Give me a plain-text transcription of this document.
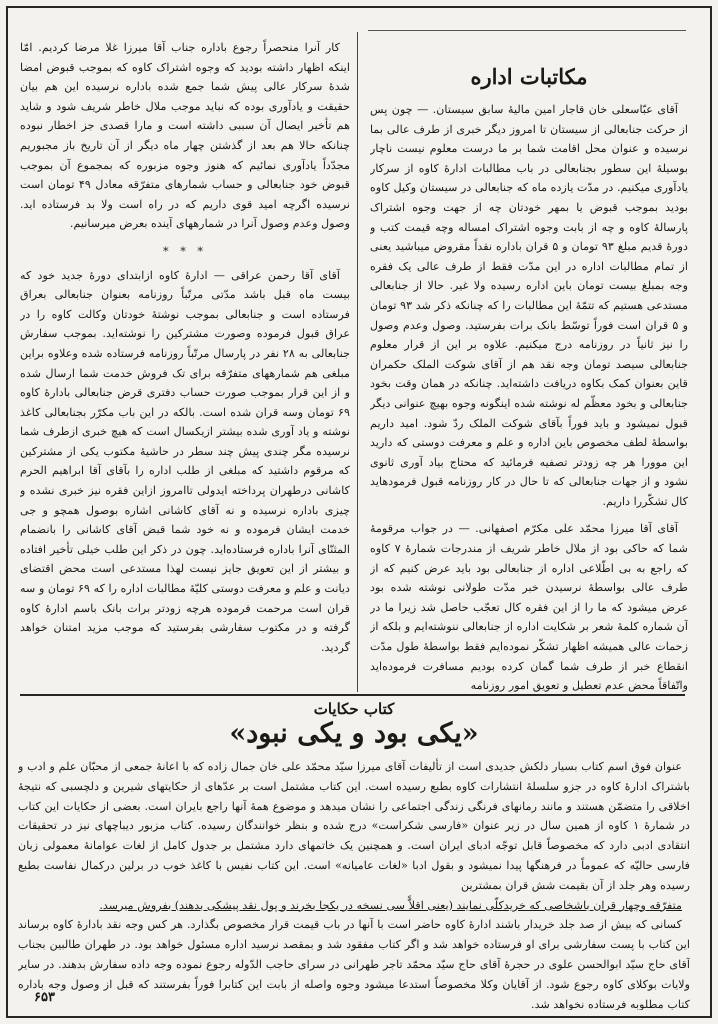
مکاتبات اداره

آقای عبّاسعلی خان قاجار امین مالیهٔ سابق سیستان. — چون پس از حرکت جنابعالی از سیستان تا امروز دیگر خبری از طرف عالی بما نرسیده و عنوان محل اقامت شما بر ما درست معلوم نیست ناچار بوسیلهٔ این سطور بجنابعالی در باب مطالبات ادارهٔ کاوه از سرکار یادآوری میکنیم. در مدّت یازده ماه که جنابعالی در سیستان وکیل کاوه بودید بموجب قبوض یا بمهر خودتان چه از جهت وجوه اشتراک پارسالهٔ کاوه و چه از بابت وجوه اشتراک امساله وچه قیمت کتب و دورهٔ قدیم مبلغ ۹۳ تومان و ۵ قران باداره نقداً مقروض میباشید یعنی از تمام مطالبات اداره در این مدّت فقط از طرف عالی یک فقره وجه بمبلغ بیست تومان باین اداره رسیده ولا غیر. حالا از جنابعالی مستدعی هستیم که تتمّهٔ این مطالبات را که چنانکه ذکر شد ۹۳ تومان و ۵ قران است فوراً توسّط بانک برات بفرستید. وصول وعدم وصول را نیز ثانیاً در روزنامه درج میکنیم. علاوه بر این از قرار معلوم جنابعالی سیصد تومان وجه نقد هم از آقای شوکت الملک حکمران قاین بعنوان کمک بکاوه دریافت داشته‌اید. چنانکه در همان وقت بخود جنابعالی و بخود معظّم له نوشته شده اینگونه وجوه بهیچ عنوانی دیگر قبول نمیشود و باید فوراً بآقای شوکت الملک ردّ شود. امید داریم بواسطهٔ لطف مخصوص باین اداره و علم و معرفت دوستی که دارید این موورا هر چه زودتر تصفیه فرمائید که محتاج بیاد آوری ثانوی نشود و از جهات جنابعالی که تا حال در کار روزنامه قبول فرمودهاید کال تشکّررا داریم.

آقای آقا میرزا محمّد علی مکرّم اصفهانی. — در جواب مرقومهٔ شما که حاکی بود از ملال خاطر شریف از مندرجات شمارهٔ ۷ کاوه که راجع به بی اطّلاعی اداره از جنابعالی بود باید عرض کنیم که از طرف عالی بواسطهٔ نرسیدن خبر مدّت طولانی نوشته شده بود عرض میشود که ما را از این فقره کال تعجّب حاصل شد زیرا ما در آن شماره کلمهٔ شعر بر شکایت اداره از جنابعالی ننوشته‌ایم و بلکه از زحمات عالی همیشه اظهار تشکّر نموده‌ایم فقط بواسطهٔ طول مدّت انقطاع خبر از طرف شما گمان کرده بودیم مسافرت فرموده‌اید واتّفاقاً محض عدم تعطیل و تعویق امور روزنامه

کار آنرا منحصراً رجوع باداره جناب آقا میرزا غلا مرضا کردیم. امّا اینکه اظهار داشته بودید که وجوه اشتراک کاوه که بموجب قبوض امضا شدهٔ سرکار عالی پیش شما جمع شده باداره نرسیده این هم بیان حقیقت و یادآوری بوده که نباید موجب ملال خاطر شریف شود و شاید هم تأخیر ایصال آن سببی داشته است و مارا قصدی جز اخطار نبوده چنانکه حالا هم بعد از گذشتن چهار ماه دیگر از آن تاریخ باز مجبوریم مجدّداً یادآوری نمائیم که هنوز وجوه مزبوره که بمجموع آن بموجب قبوض خود جنابعالی و حساب شمارهای متفرّقه معادل ۴۹ تومان است نرسیده اگرچه امید قوی داریم که در راه است ولا بد فرستاده اید. وصول وعدم وصول آنرا در شمارههای آینده بعرض میرسانیم.

* * *

آقای آقا رحمن عراقی — ادارهٔ کاوه ازابتدای دورهٔ جدید خود که بیست ماه قبل باشد مدّتی مرتّباً روزنامه بعنوان جنابعالی بعراق فرستاده است و جنابعالی بموجب نوشتهٔ خودتان وکالت کاوه را در عراق قبول فرموده وصورت مشترکین را نوشته‌اید. بموجب سفارش جنابعالی به ۲۸ نفر در پارسال مرتّباً روزنامه فرستاده شده وعلاوه براین مبلغی هم شمارههای متفرّقه برای تک فروش خدمت شما ارسال شده و از این قرار بموجب صورت حساب دفتری قرض جنابعالی بادارهٔ کاوه ۶۹ تومان وسه قران شده است. بالکه در این باب مکرّر بجنابعالی کاغذ نوشته و یاد آوری شده بیشتر ازیکسال است که هیچ خبری ازطرف شما نرسیده مگر چندی پیش چند سطر در حاشیهٔ مکتوب یکی از مشترکین که مرقوم داشتید که مبلغی از طلب اداره را بآقای آقا ابراهیم الحرم کاشانی درطهران پرداخته ایدولی تاامروز ازاین فقره نیز خبری نشده و چیزی باداره نرسیده و نه آقای کاشانی اشاره بوصول همچو و جی خدمت ایشان فرموده و نه خود شما قبض آقای کاشانی را بانضمام المثنّای آنرا باداره فرستاده‌اید. چون در ذکر این طلب خیلی تأخیر افتاده و بیشتر از این تعویق جایز نیست لهذا مستدعی است محض اقتضای دیانت و علم و معرفت دوستی کلیّهٔ مطالبات اداره را که ۶۹ تومان و سه قران است مرحمت فرموده هرچه زودتر برات بانک باسم ادارهٔ کاوه گرفته و در مکتوب سفارشی بفرستید که موجب مزید امتنان خواهد گردید.

کتاب حکایات
«یکی بود و یکی نبود»

عنوان فوق اسم کتاب بسیار دلکش جدیدی است از تألیفات آقای میرزا سیّد محمّد علی خان جمال زاده که با اعانهٔ جمعی از محبّان علم و ادب و باشتراک ادارهٔ کاوه در جزو سلسلهٔ انتشارات کاوه بطبع رسیده است. این کتاب مشتمل است بر عدّهای از حکایتهای شیرین و دلچسبی که نتیجهٔ اخلاقی را متضمّن هستند و مانند رمانهای فرنگی زندگی اجتماعی را نشان میدهد و موضوع همهٔ آنها راجع بایران است. بعضی از حکایات این کتاب در شمارهٔ ۱ کاوه از همین سال در زیر عنوان «فارسی شکراست» درج شده و بنظر خوانندگان رسیده. کتاب مزبور دیباچهای نیز در تحقیقات انتقادی ادبی دارد که مخصوصاً قابل توجّه ادبای ایران است. و همچنین یک خاتمهای دارد مشتمل بر جدول کامل از لغات عوامانهٔ معمولی زبان فارسی حالیّه که عموماً در فرهنگها پیدا نمیشود و بقول ادبا «لغات عامیانه» است. این کتاب نفیس با کاغذ خوب در برلین درکمال نفاست بطبع رسیده وهر جلد از آن بقیمت شش قران بمشترین

متفرّقه وچهار قران باشخاصی که خریدکلّی نمایند (یعنی اقلاًّ سی نسخه در یکجا بخرند و پول نقد پیشکی بدهند) بفروش میرسد.

کسانی که بیش از صد جلد خریدار باشند ادارهٔ کاوه حاضر است با آنها در باب قیمت قرار مخصوص بگذارد. هر کس وجه نقد بادارهٔ کاوه برساند این کتاب با پست سفارشی برای او فرستاده خواهد شد و اگر کتاب مفقود شد و بمقصد نرسید اداره مسئول خواهد بود. در طهران طالبین بجناب آقای حاج سیّد ابوالحسن علوی در حجرهٔ آقای حاج سیّد محمّد تاجر طهرانی در سرای حاجب الدّوله رجوع نموده وجه داده سفارش بدهند. در سایر ولایات بوکلای کاوه رجوع شود. از آقایان وکلا مخصوصاً استدعا میشود وجوه واصله از بابت این کتابرا فوراً بفرستند که قبل از وصول وجه باداره کتاب مطلوبه فرستاده نخواهد شد.

۶۵۳
